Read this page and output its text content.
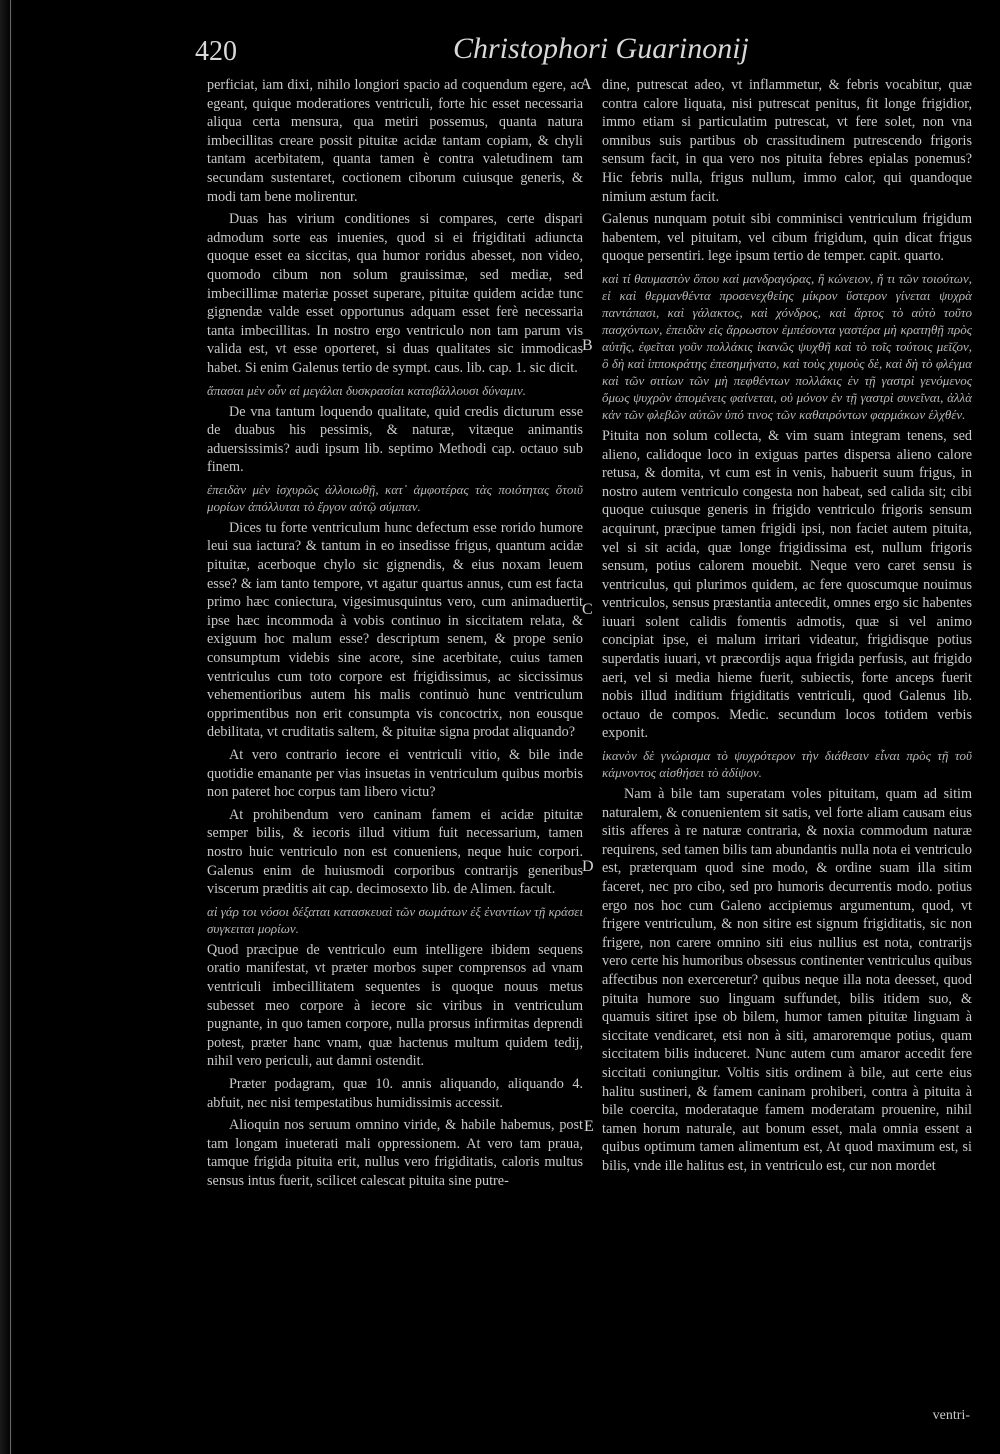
420	Christophori Guarinonij
A
B
C
D
E

perficiat, iam dixi, nihilo longiori spacio ad coquendum egere, ac egeant, quique moderatiores ventriculi, forte hic esset necessaria aliqua certa mensura, qua metiri possemus, quanta natura imbecillitas creare possit pituitæ acidæ tantam copiam, & chyli tantam acerbitatem, quanta tamen è contra valetudinem tam secundam sustentaret, coctionem ciborum cuiusque generis, & modi tam bene molirentur.

Duas has virium conditiones si compares, certe dispari admodum sorte eas inuenies, quod si ei frigiditati adiuncta quoque esset ea siccitas, qua humor roridus abesset, non video, quomodo cibum non solum grauissimæ, sed mediæ, sed imbecillimæ materiæ posset superare, pituitæ quidem acidæ tunc gignendæ valde esset opportunus adquam esset ferè necessaria tanta imbecillitas. In nostro ergo ventriculo non tam parum vis valida est, vt esse oporteret, si duas qualitates sic immodicas habet. Si enim Galenus tertio de sympt. caus. lib. cap. 1. sic dicit.

ἅπασαι μὲν οὖν αἱ μεγάλαι δυσκρασίαι καταβάλλουσι δύναμιν.

De vna tantum loquendo qualitate, quid credis dicturum esse de duabus his pessimis, & naturæ, vitæque animantis aduersissimis? audi ipsum lib. septimo Methodi cap. octauo sub finem.

ἐπειδὰν μὲν ἰσχυρῶς ἀλλοιωθῇ, κατ᾽ ἀμφοτέρας τὰς ποιότητας ὅτοιῦ μορίων ἀπόλλυται τὸ ἔργον αὐτῷ σύμπαν.

Dices tu forte ventriculum hunc defectum esse rorido humore leui sua iactura? & tantum in eo insedisse frigus, quantum acidæ pituitæ, acerboque chylo sic gignendis, & eius noxam leuem esse? & iam tanto tempore, vt agatur quartus annus, cum est facta primo hæc coniectura, vigesimusquintus vero, cum animaduertit ipse hæc incommoda à vobis continuo in siccitatem relata, & exiguum hoc malum esse? descriptum senem, & prope senio consumptum videbis sine acore, sine acerbitate, cuius tamen ventriculus cum toto corpore est frigidissimus, ac siccissimus vehementioribus autem his malis continuò hunc ventriculum opprimentibus non erit consumpta vis concoctrix, non eousque debilitata, vt cruditatis saltem, & pituitæ signa prodat aliquando?

At vero contrario iecore ei ventriculi vitio, & bile inde quotidie emanante per vias insuetas in ventriculum quibus morbis non pateret hoc corpus tam libero victu?

At prohibendum vero caninam famem ei acidæ pituitæ semper bilis, & iecoris illud vitium fuit necessarium, tamen nostro huic ventriculo non est conueniens, neque huic corpori. Galenus enim de huiusmodi corporibus contrarijs generibus viscerum præditis ait cap. decimosexto lib. de Alimen. facult.

αἱ γάρ τοι νόσοι δέξαται κατασκευαὶ τῶν σωμάτων ἐξ ἐναντίων τῇ κράσει συγκειται μορίων.

Quod præcipue de ventriculo eum intelligere ibidem sequens oratio manifestat, vt præter morbos super comprensos ad vnam ventriculi imbecillitatem sequentes is quoque nouus metus subesset meo corpore à iecore sic viribus in ventriculum pugnante, in quo tamen corpore, nulla prorsus infirmitas deprendi potest, præter hanc vnam, quæ hactenus multum quidem tedij, nihil vero periculi, aut damni ostendit.

Præter podagram, quæ 10. annis aliquando, aliquando 4. abfuit, nec nisi tempestatibus humidissimis accessit.

Alioquin nos seruum omnino viride, & habile habemus, post tam longam inueterati mali oppressionem. At vero tam praua, tamque frigida pituita erit, nullus vero frigiditatis, caloris multus sensus intus fuerit, scilicet calescat pituita sine putre-

dine, putrescat adeo, vt inflammetur, & febris vocabitur, quæ contra calore liquata, nisi putrescat penitus, fit longe frigidior, immo etiam si particulatim putrescat, vt fere solet, non vna omnibus suis partibus ob crassitudinem putrescendo frigoris sensum facit, in qua vero nos pituita febres epialas ponemus? Hic febris nulla, frigus nullum, immo calor, qui quandoque nimium æstum facit.

Galenus nunquam potuit sibi comminisci ventriculum frigidum habentem, vel pituitam, vel cibum frigidum, quin dicat frigus quoque persentiri. lege ipsum tertio de temper. capit. quarto.

καὶ τί θαυμαστὸν ὅπου καὶ μανδραγόρας, ἢ κώνειον, ἤ τι τῶν τοιούτων, εἰ καὶ θερμανθέντα προσενεχθείης μίκρον ὕστερον γίνεται ψυχρὰ παντάπασι, καὶ γάλακτος, καὶ χόνδρος, καὶ ἄρτος τὸ αὐτὸ τοῦτο πασχόντων, ἐπειδὰν εἰς ἄρρωστον ἐμπέσοντα γαστέρα μὴ κρατηθῇ πρὸς αὐτῆς, ἐφεῖται γοῦν πολλάκις ἱκανῶς ψυχθῆ καὶ τὸ τοῖς τούτοις μεῖζον, ὃ δὴ καὶ ἱπποκράτης ἐπεσημήνατο, καὶ τοὺς χυμοὺς δὲ, καὶ δὴ τὸ φλέγμα καὶ τῶν σιτίων τῶν μὴ πεφθέντων πολλάκις ἐν τῇ γαστρὶ γενόμενος ὅμως ψυχρὸν ἀπομένεις φαίνεται, οὐ μόνον ἐν τῇ γαστρὶ συνεῖναι, ἀλλὰ κἀν τῶν φλεβῶν αὐτῶν ὑπό τινος τῶν καθαιρόντων φαρμάκων ἑλχθέν.

Pituita non solum collecta, & vim suam integram tenens, sed alieno, calidoque loco in exiguas partes dispersa alieno calore retusa, & domita, vt cum est in venis, habuerit suum frigus, in nostro autem ventriculo congesta non habeat, sed calida sit; cibi quoque cuiusque generis in frigido ventriculo frigoris sensum acquirunt, præcipue tamen frigidi ipsi, non faciet autem pituita, vel si sit acida, quæ longe frigidissima est, nullum frigoris sensum, potius calorem mouebit. Neque vero caret sensu is ventriculus, qui plurimos quidem, ac fere quoscumque nouimus ventriculos, sensus præstantia antecedit, omnes ergo sic habentes iuuari solent calidis fomentis admotis, quæ si vel animo concipiat ipse, ei malum irritari videatur, frigidisque potius superdatis iuuari, vt præcordijs aqua frigida perfusis, aut frigido aeri, vel si media hieme fuerit, subiectis, forte anceps fuerit nobis illud inditium frigiditatis ventriculi, quod Galenus lib. octauo de compos. Medic. secundum locos totidem verbis exponit.

ἱκανὸν δὲ γνώρισμα τὸ ψυχρότερον τὴν διάθεσιν εἶναι πρὸς τῇ τοῦ κάμνοντος αἰσθήσει τὸ ἀδίψον.

Nam à bile tam superatam voles pituitam, quam ad sitim naturalem, & conuenientem sit satis, vel forte aliam causam eius sitis afferes à re naturæ contraria, & noxia commodum naturæ requirens, sed tamen bilis tam abundantis nulla nota ei ventriculo est, præterquam quod sine modo, & ordine suam illa sitim faceret, nec pro cibo, sed pro humoris decurrentis modo. potius ergo nos hoc cum Galeno accipiemus argumentum, quod, vt frigere ventriculum, & non sitire est signum frigiditatis, sic non frigere, non carere omnino siti eius nullius est nota, contrarijs vero certe his humoribus obsessus continenter ventriculus quibus affectibus non exerceretur? quibus neque illa nota deesset, quod pituita humore suo linguam suffundet, bilis itidem suo, & quamuis sitiret ipse ob bilem, humor tamen pituitæ linguam à siccitate vendicaret, etsi non à siti, amaroremque potius, quam siccitatem bilis induceret. Nunc autem cum amaror accedit fere siccitati coniungitur. Voltis sitis ordinem à bile, aut certe eius halitu sustineri, & famem caninam prohiberi, contra à pituita à bile coercita, moderataque famem moderatam prouenire, nihil tamen horum naturale, aut bonum esset, mala omnia essent a quibus optimum tamen alimentum est, At quod maximum est, si bilis, vnde ille halitus est, in ventriculo est, cur non mordet

ventri-
